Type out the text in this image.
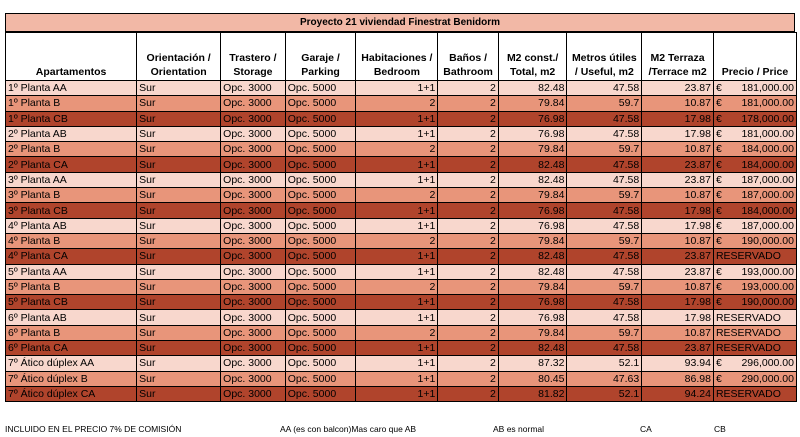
Proyecto 21 viviendad Finestrat Benidorm
Apartamentos	Orientación / Orientation	Trastero / Storage	Garaje / Parking	Habitaciones / Bedroom	Baños / Bathroom	M2 const./ Total, m2	Metros útiles / Useful, m2	M2 Terraza /Terrace m2	Precio / Price
1º Planta AA	Sur	Opc. 3000	Opc. 5000	1+1	2	82.48	47.58	23.87	€ 181,000.00

1º Planta B	Sur	Opc. 3000	Opc. 5000	2	2	79.84	59.7	10.87	€ 181,000.00

1º Planta CB	Sur	Opc. 3000	Opc. 5000	1+1	2	76.98	47.58	17.98	€ 178,000.00

2º Planta AB	Sur	Opc. 3000	Opc. 5000	1+1	2	76.98	47.58	17.98	€ 181,000.00

2º Planta B	Sur	Opc. 3000	Opc. 5000	2	2	79.84	59.7	10.87	€ 184,000.00

2º Planta CA	Sur	Opc. 3000	Opc. 5000	1+1	2	82.48	47.58	23.87	€ 184,000.00

3º Planta AA	Sur	Opc. 3000	Opc. 5000	1+1	2	82.48	47.58	23.87	€ 187,000.00

3º Planta B	Sur	Opc. 3000	Opc. 5000	2	2	79.84	59.7	10.87	€ 187,000.00

3º Planta CB	Sur	Opc. 3000	Opc. 5000	1+1	2	76.98	47.58	17.98	€ 184,000.00

4º Planta AB	Sur	Opc. 3000	Opc. 5000	1+1	2	76.98	47.58	17.98	€ 187,000.00

4º Planta B	Sur	Opc. 3000	Opc. 5000	2	2	79.84	59.7	10.87	€ 190,000.00

4º Planta CA	Sur	Opc. 3000	Opc. 5000	1+1	2	82.48	47.58	23.87	RESERVADO

5º Planta AA	Sur	Opc. 3000	Opc. 5000	1+1	2	82.48	47.58	23.87	€ 193,000.00

5º Planta B	Sur	Opc. 3000	Opc. 5000	2	2	79.84	59.7	10.87	€ 193,000.00

5º Planta CB	Sur	Opc. 3000	Opc. 5000	1+1	2	76.98	47.58	17.98	€ 190,000.00

6º Planta AB	Sur	Opc. 3000	Opc. 5000	1+1	2	76.98	47.58	17.98	RESERVADO

6º Planta B	Sur	Opc. 3000	Opc. 5000	2	2	79.84	59.7	10.87	RESERVADO

6º Planta CA	Sur	Opc. 3000	Opc. 5000	1+1	2	82.48	47.58	23.87	RESERVADO

7º Ático dúplex AA	Sur	Opc. 3000	Opc. 5000	1+1	2	87.32	52.1	93.94	€ 296,000.00

7º Ático dúplex B	Sur	Opc. 3000	Opc. 5000	1+1	2	80.45	47.63	86.98	€ 290,000.00

7º Ático dúplex CA	Sur	Opc. 3000	Opc. 5000	1+1	2	81.82	52.1	94.24	RESERVADO
INCLUIDO EN EL PRECIO 7% DE COMISIÓN	AA (es con balcon)Mas caro que AB	AB es normal	CA	CB
